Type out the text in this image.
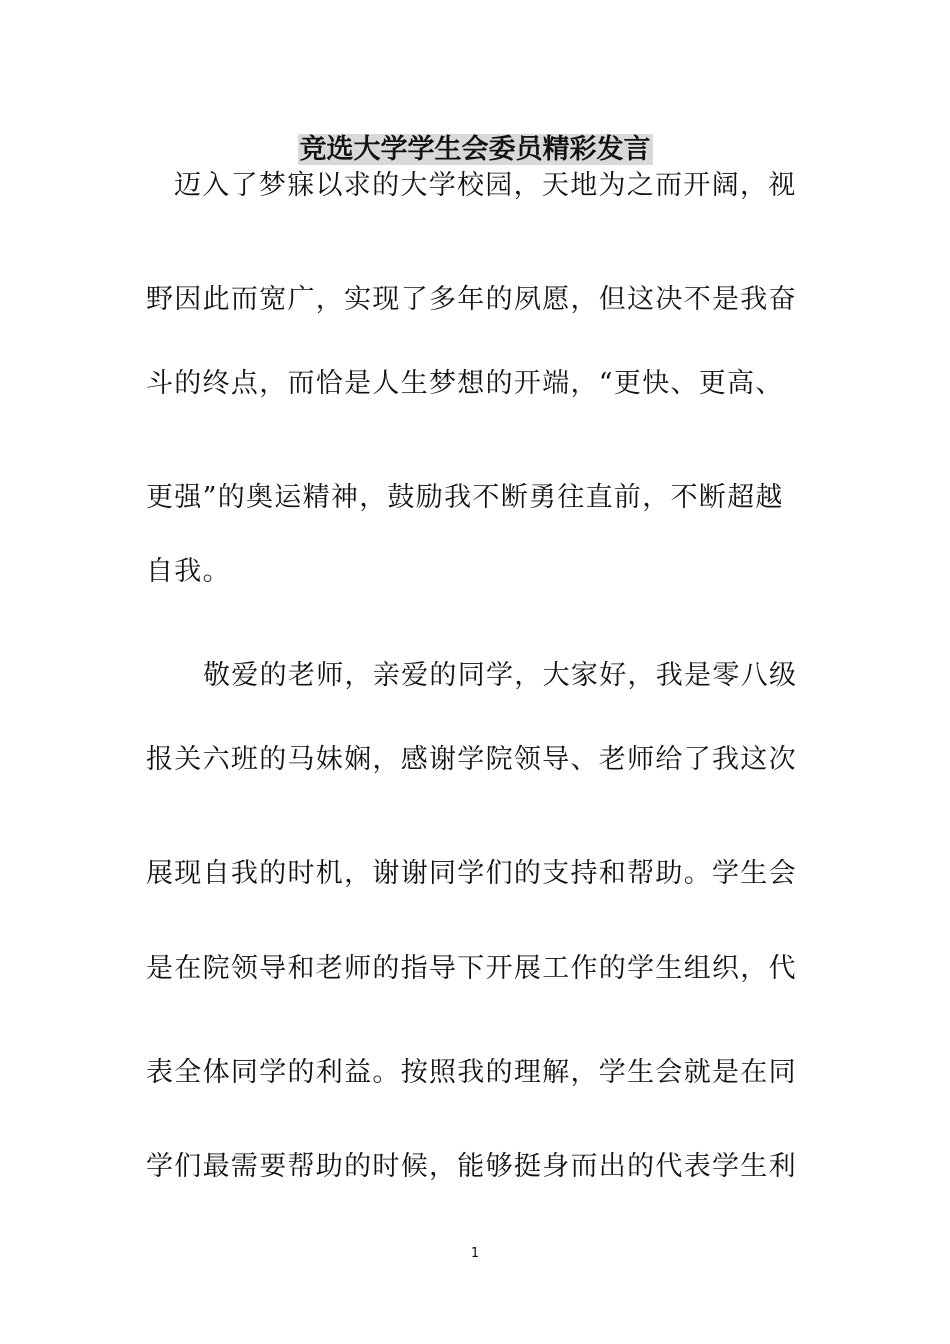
竞选大学学生会委员精彩发言
迈入了梦寐以求的大学校园，天地为之而开阔，视
野因此而宽广，实现了多年的夙愿，但这决不是我奋
斗的终点，而恰是人生梦想的开端，“更快、更高、
更强”的奥运精神，鼓励我不断勇往直前，不断超越
自我。
敬爱的老师，亲爱的同学，大家好，我是零八级
报关六班的马妹娴，感谢学院领导、老师给了我这次
展现自我的时机，谢谢同学们的支持和帮助。学生会
是在院领导和老师的指导下开展工作的学生组织，代
表全体同学的利益。按照我的理解，学生会就是在同
学们最需要帮助的时候，能够挺身而出的代表学生利
1
